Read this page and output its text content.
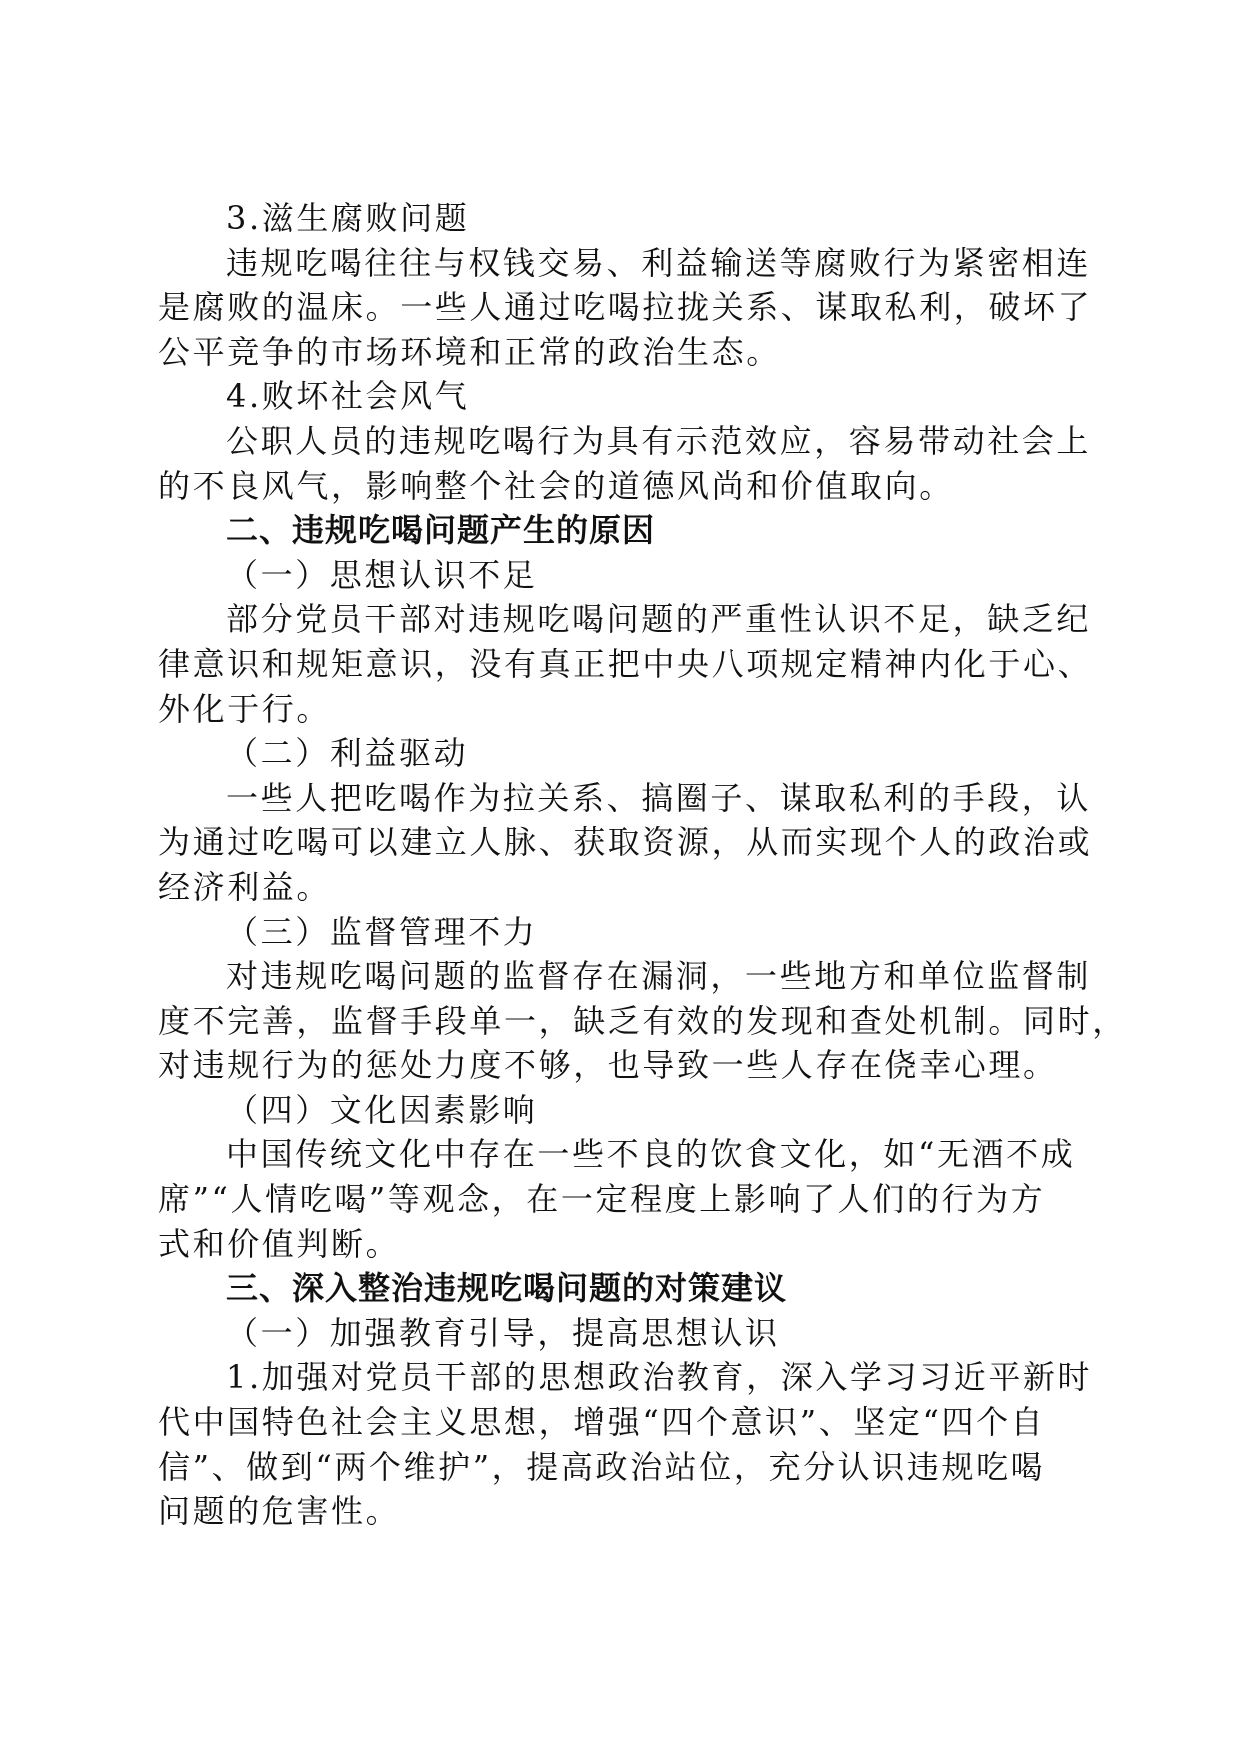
3.滋生腐败问题
违规吃喝往往与权钱交易、利益输送等腐败行为紧密相连
是腐败的温床。一些人通过吃喝拉拢关系、谋取私利，破坏了
公平竞争的市场环境和正常的政治生态。
4.败坏社会风气
公职人员的违规吃喝行为具有示范效应，容易带动社会上
的不良风气，影响整个社会的道德风尚和价值取向。
二、违规吃喝问题产生的原因
（一）思想认识不足
部分党员干部对违规吃喝问题的严重性认识不足，缺乏纪
律意识和规矩意识，没有真正把中央八项规定精神内化于心、
外化于行。
（二）利益驱动
一些人把吃喝作为拉关系、搞圈子、谋取私利的手段，认
为通过吃喝可以建立人脉、获取资源，从而实现个人的政治或
经济利益。
（三）监督管理不力
对违规吃喝问题的监督存在漏洞，一些地方和单位监督制
度不完善，监督手段单一，缺乏有效的发现和查处机制。同时，
对违规行为的惩处力度不够，也导致一些人存在侥幸心理。
（四）文化因素影响
中国传统文化中存在一些不良的饮食文化，如“无酒不成
席”“人情吃喝”等观念，在一定程度上影响了人们的行为方
式和价值判断。
三、深入整治违规吃喝问题的对策建议
（一）加强教育引导，提高思想认识
1.加强对党员干部的思想政治教育，深入学习习近平新时
代中国特色社会主义思想，增强“四个意识”、坚定“四个自
信”、做到“两个维护”，提高政治站位，充分认识违规吃喝
问题的危害性。
